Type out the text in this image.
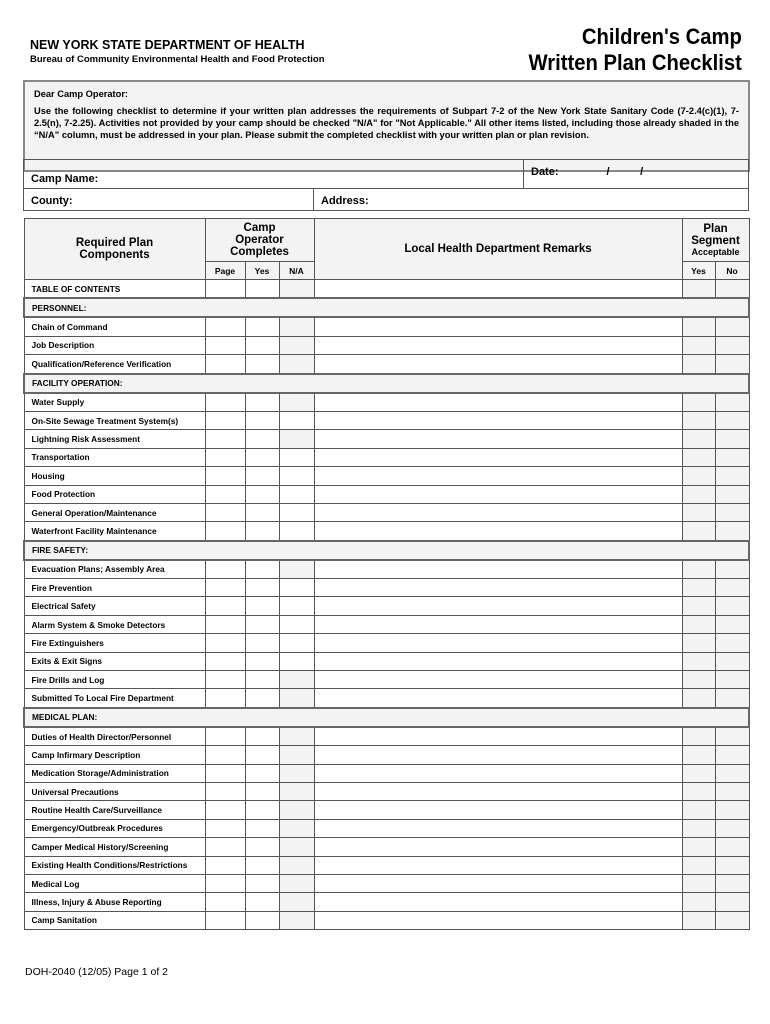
NEW YORK STATE DEPARTMENT OF HEALTH
Bureau of Community Environmental Health and Food Protection
Children's Camp
Written Plan Checklist

Dear Camp Operator:

Use the following checklist to determine if your written plan addresses the requirements of Subpart 7-2 of the New York State Sanitary Code (7-2.4(c)(1), 7-2.5(n), 7-2.25). Activities not provided by your camp should be checked "N/A" for "Not Applicable." All other items listed, including those already shaded in the “N/A” column, must be addressed in your plan. Please submit the completed checklist with your written plan or plan revision.

Camp Name:
Date:	/          /
County:	Address:
Required Plan Components	Camp Operator Completes			Local Health Department Remarks	Plan Segment
Acceptable	

	Page	Yes	N/A		Yes	No
TABLE OF CONTENTS						
PERSONNEL:						
Chain of Command						
Job Description						
Qualification/Reference Verification						
FACILITY OPERATION:						
Water Supply						
On-Site Sewage Treatment System(s)						
Lightning Risk Assessment						
Transportation						
Housing						
Food Protection						
General Operation/Maintenance						
Waterfront Facility Maintenance						
FIRE SAFETY:						
Evacuation Plans; Assembly Area						
Fire Prevention						
Electrical Safety						
Alarm System & Smoke Detectors						
Fire Extinguishers						
Exits & Exit Signs						
Fire Drills and Log						
Submitted To Local Fire Department						
MEDICAL PLAN:						
Duties of Health Director/Personnel						
Camp Infirmary Description						
Medication Storage/Administration						
Universal Precautions						
Routine Health Care/Surveillance						
Emergency/Outbreak Procedures						
Camper Medical History/Screening						
Existing Health Conditions/Restrictions						
Medical Log						
Illness, Injury & Abuse Reporting						
Camp Sanitation						
DOH-2040 (12/05) Page 1 of 2
